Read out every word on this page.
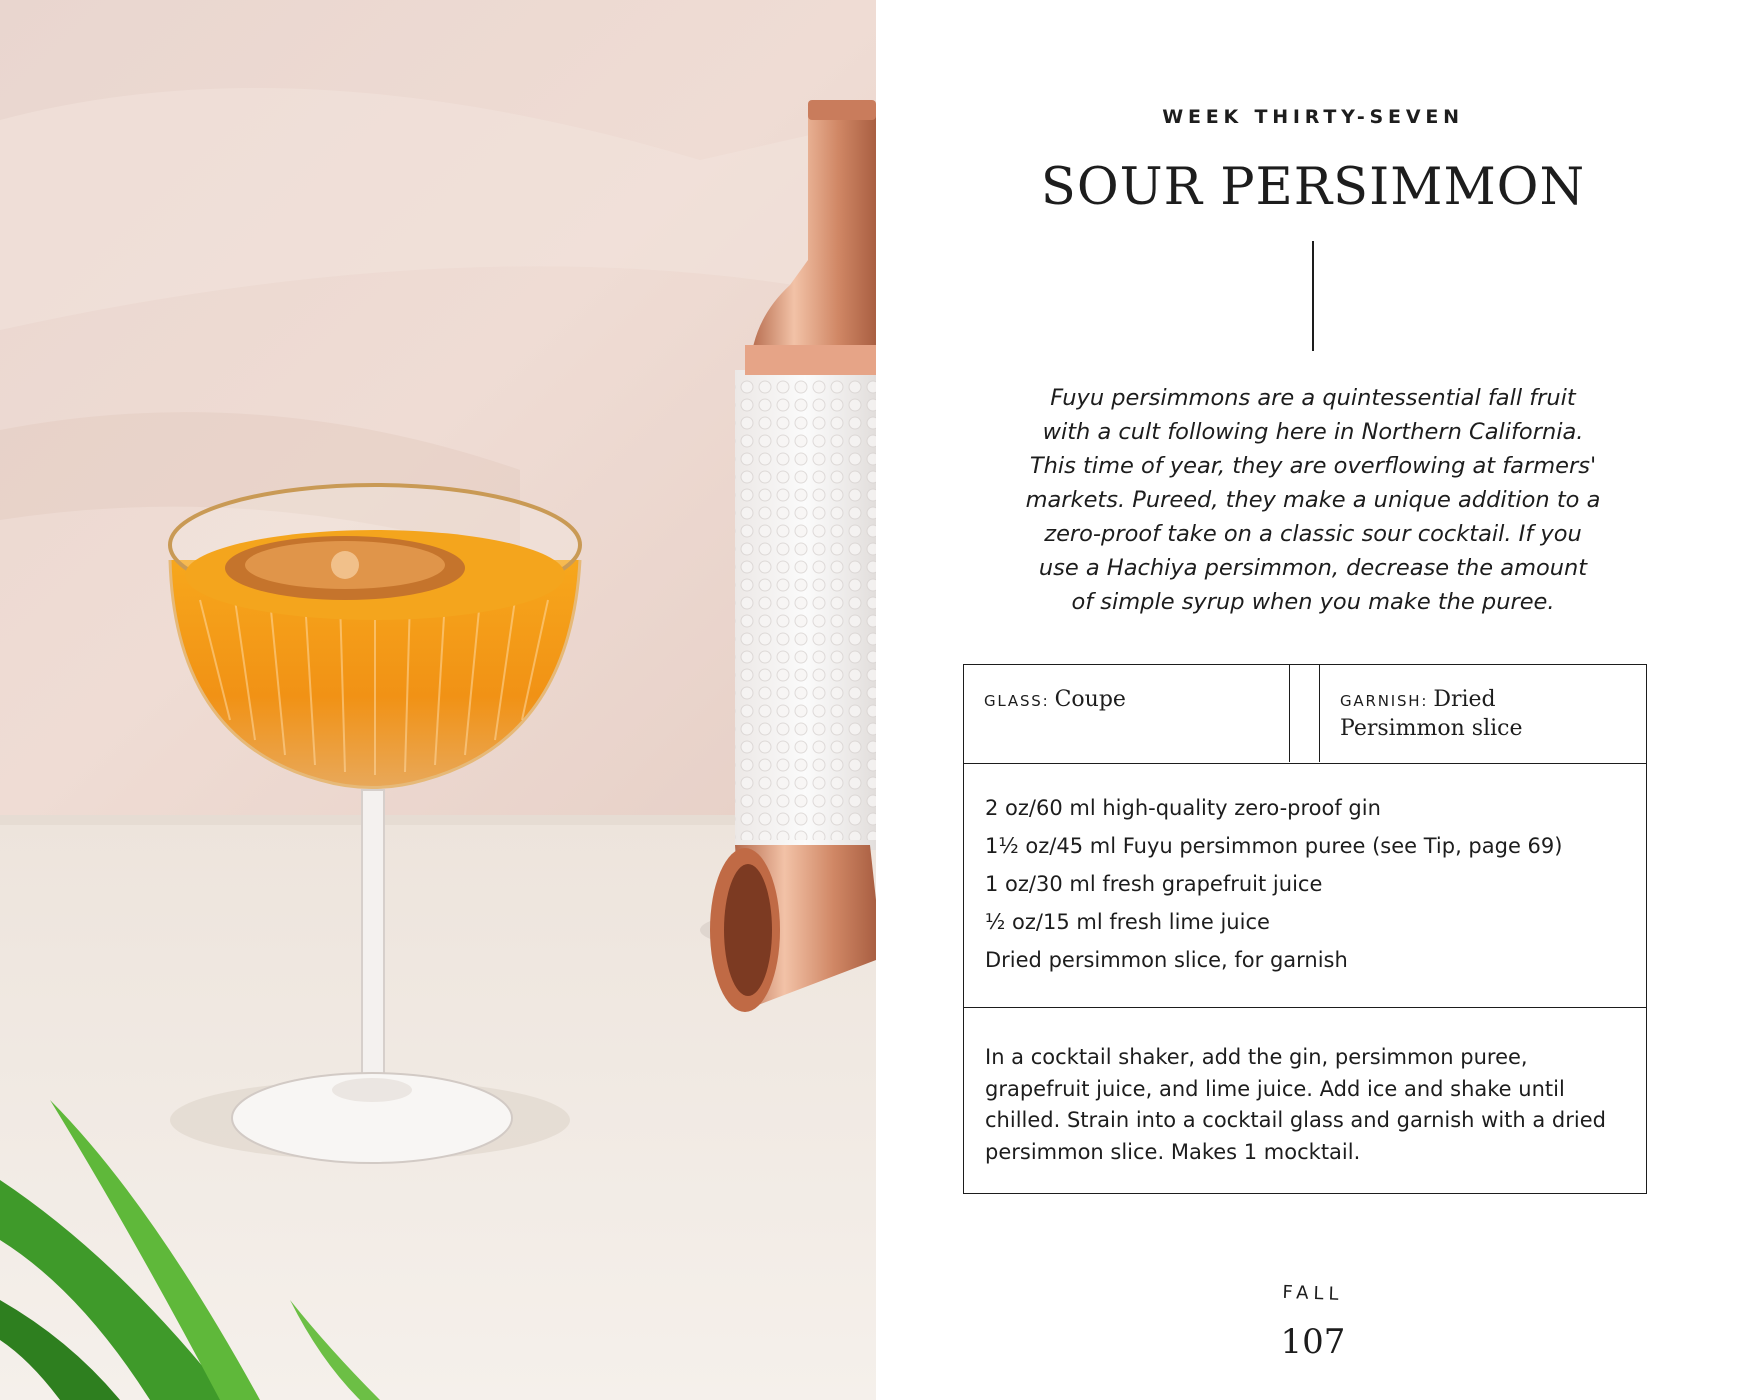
WEEK THIRTY-SEVEN
SOUR PERSIMMON
Fuyu persimmons are a quintessential fall fruit
with a cult following here in Northern California.
This time of year, they are overflowing at farmers'
markets. Pureed, they make a unique addition to a
zero-proof take on a classic sour cocktail. If you
use a Hachiya persimmon, decrease the amount
of simple syrup when you make the puree.
GLASS: Coupe	GARNISH: Dried
Persimmon slice
2 oz/60 ml high-quality zero-proof gin
1½ oz/45 ml Fuyu persimmon puree (see Tip, page 69)
1 oz/30 ml fresh grapefruit juice
½ oz/15 ml fresh lime juice
Dried persimmon slice, for garnish
In a cocktail shaker, add the gin, persimmon puree,
grapefruit juice, and lime juice. Add ice and shake until
chilled. Strain into a cocktail glass and garnish with a dried
persimmon slice. Makes 1 mocktail.
FALL
107
